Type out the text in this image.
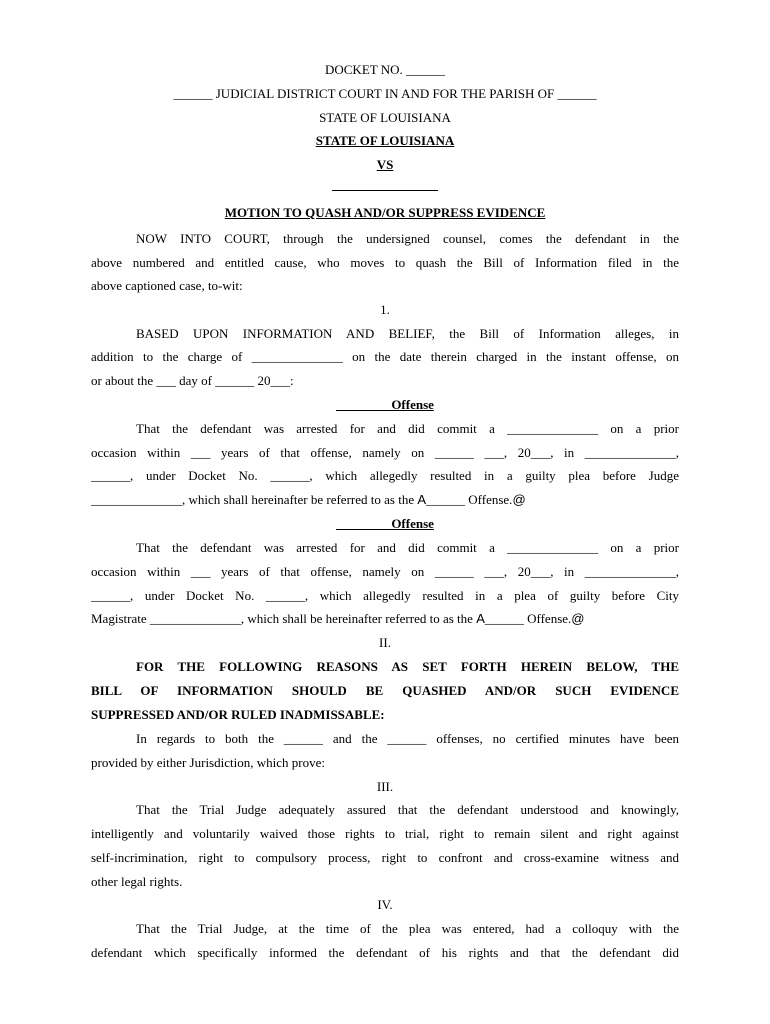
DOCKET NO. ______
______ JUDICIAL DISTRICT COURT IN AND FOR THE PARISH OF ______
STATE OF LOUISIANA
STATE OF LOUISIANA
VS
MOTION TO QUASH AND/OR SUPPRESS EVIDENCE
NOW INTO COURT, through the undersigned counsel, comes the defendant in the
above numbered and entitled cause, who moves to quash the Bill of Information filed in the
above captioned case, to-wit:
1.
BASED UPON INFORMATION AND BELIEF, the Bill of Information alleges, in
addition to the charge of ______________ on the date therein charged in the instant offense, on
or about the ___ day of ______ 20___:
________ Offense
That the defendant was arrested for and did commit a ______________ on a prior
occasion within ___ years of that offense, namely on ______ ___, 20___, in ______________,
______, under Docket No. ______, which allegedly resulted in a guilty plea before Judge
______________, which shall hereinafter be referred to as the A______ Offense.@
________ Offense
That the defendant was arrested for and did commit a ______________ on a prior
occasion within ___ years of that offense, namely on ______ ___, 20___, in ______________,
______, under Docket No. ______, which allegedly resulted in a plea of guilty before City
Magistrate ______________, which shall be hereinafter referred to as the A______ Offense.@
II.
FOR THE FOLLOWING REASONS AS SET FORTH HEREIN BELOW, THE
BILL OF INFORMATION SHOULD BE QUASHED AND/OR SUCH EVIDENCE
SUPPRESSED AND/OR RULED INADMISSABLE:
In regards to both the ______ and the ______ offenses, no certified minutes have been
provided by either Jurisdiction, which prove:
III.
That the Trial Judge adequately assured that the defendant understood and knowingly,
intelligently and voluntarily waived those rights to trial, right to remain silent and right against
self-incrimination, right to compulsory process, right to confront and cross-examine witness and
other legal rights.
IV.
That the Trial Judge, at the time of the plea was entered, had a colloquy with the
defendant which specifically informed the defendant of his rights and that the defendant did
